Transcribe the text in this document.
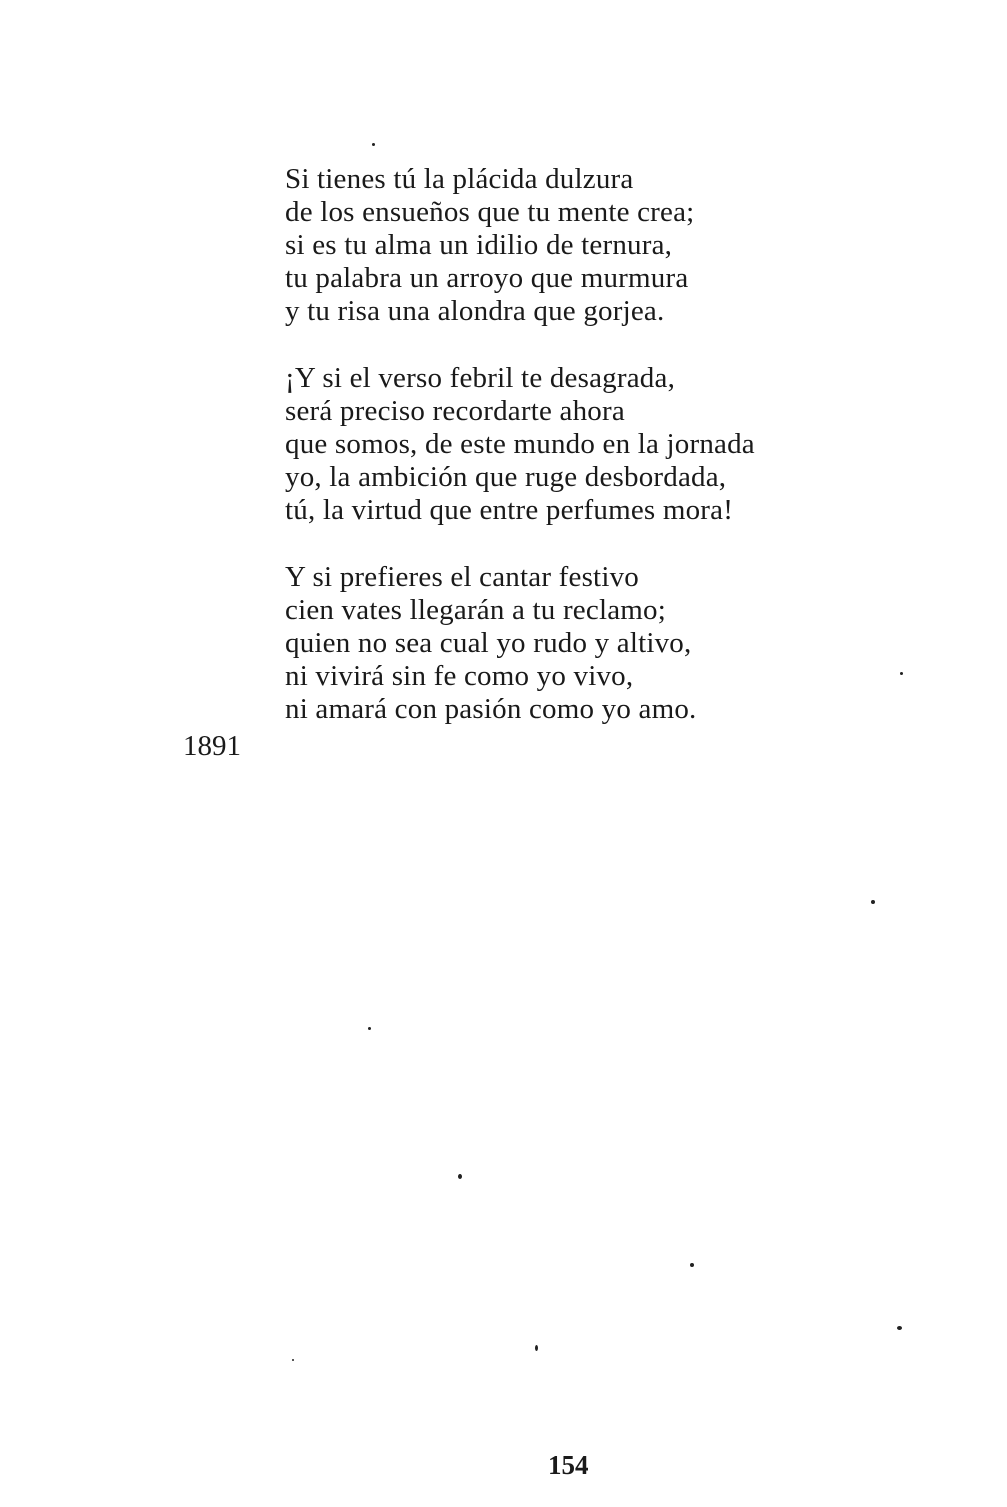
Si tienes tú la plácida dulzura
de los ensueños que tu mente crea;
si es tu alma un idilio de ternura,
tu palabra un arroyo que murmura
y tu risa una alondra que gorjea.
¡Y si el verso febril te desagrada,
será preciso recordarte ahora
que somos, de este mundo en la jornada
yo, la ambición que ruge desbordada,
tú, la virtud que entre perfumes mora!
Y si prefieres el cantar festivo
cien vates llegarán a tu reclamo;
quien no sea cual yo rudo y altivo,
ni vivirá sin fe como yo vivo,
ni amará con pasión como yo amo.
1891
154
